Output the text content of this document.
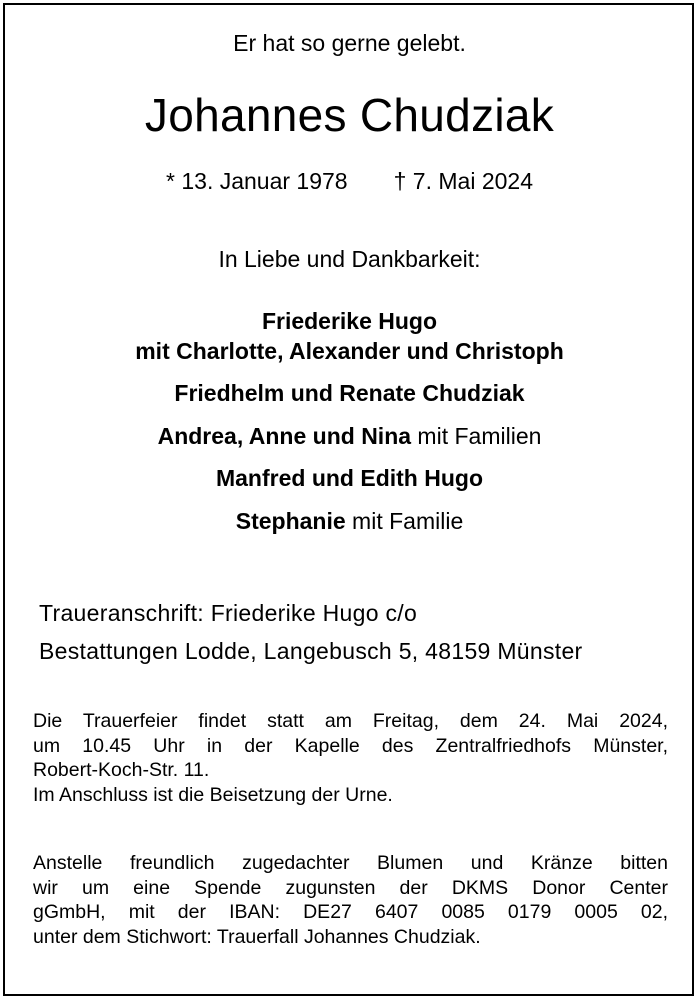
Er hat so gerne gelebt.
Johannes Chudziak
* 13. Januar 1978 † 7. Mai 2024
In Liebe und Dankbarkeit:
Friederike Hugo
mit Charlotte, Alexander und Christoph
Friedhelm und Renate Chudziak
Andrea, Anne und Nina mit Familien
Manfred und Edith Hugo
Stephanie mit Familie
Traueranschrift: Friederike Hugo c/o
Bestattungen Lodde, Langebusch 5, 48159 Münster
Die Trauerfeier findet statt am Freitag, dem 24. Mai 2024,
um 10.45 Uhr in der Kapelle des Zentralfriedhofs Münster,
Robert-Koch-Str. 11.
Im Anschluss ist die Beisetzung der Urne.
Anstelle freundlich zugedachter Blumen und Kränze bitten
wir um eine Spende zugunsten der DKMS Donor Center
gGmbH, mit der IBAN: DE27 6407 0085 0179 0005 02,
unter dem Stichwort: Trauerfall Johannes Chudziak.
